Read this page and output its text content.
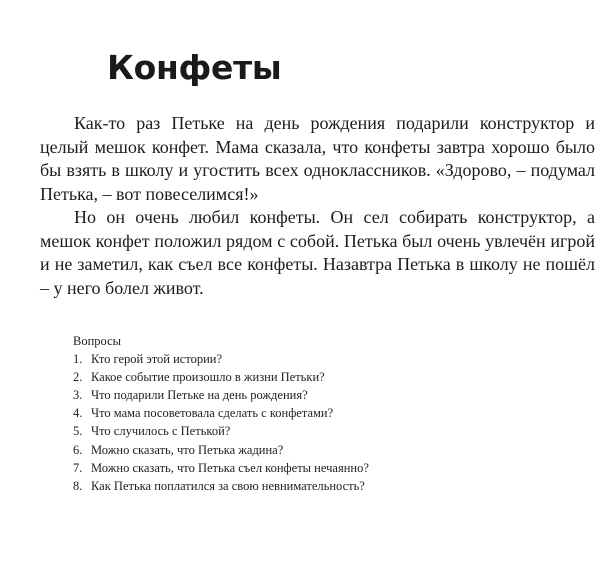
Конфеты

Как-то раз Петьке на день рождения подарили конструктор и целый мешок конфет. Мама сказала, что конфеты завтра хорошо было бы взять в школу и угостить всех одноклассников. «Здорово, – подумал Петька, – вот повеселимся!»

Но он очень любил конфеты. Он сел собирать конструктор, а мешок конфет положил рядом с собой. Петька был очень увлечён игрой и не заметил, как съел все конфеты. Назавтра Петька в школу не пошёл – у него болел живот.

Вопросы

1. Кто герой этой истории?
2. Какое событие произошло в жизни Петьки?
3. Что подарили Петьке на день рождения?
4. Что мама посоветовала сделать с конфетами?
5. Что случилось с Петькой?
6. Можно сказать, что Петька жадина?
7. Можно сказать, что Петька съел конфеты нечаянно?
8. Как Петька поплатился за свою невнимательность?
